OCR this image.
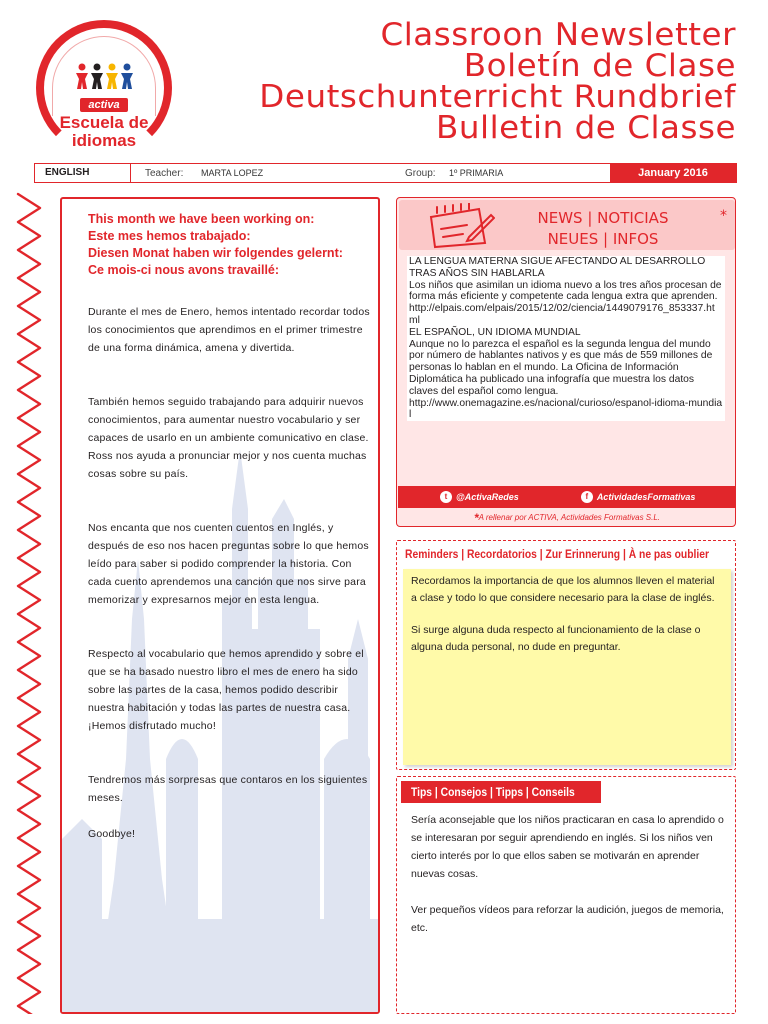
activa
Escuela de idiomas
Classroon Newsletter
Boletín de Clase
Deutschunterricht Rundbrief
Bulletin de Classe
ENGLISH	Teacher:	MARTA LOPEZ	Group:	1º PRIMARIA	January 2016
This month we have been working on:
Este mes hemos trabajado:
Diesen Monat haben wir folgendes gelernt:
Ce mois-ci nous avons travaillé:

Durante el mes de Enero, hemos intentado recordar todos los conocimientos que aprendimos en el primer trimestre de una forma dinámica, amena y divertida.

También hemos seguido trabajando para adquirir nuevos conocimientos, para aumentar nuestro vocabulario y ser capaces de usarlo en un ambiente comunicativo en clase. Ross nos ayuda a pronunciar mejor y nos cuenta muchas cosas sobre su país.

Nos encanta que nos cuenten cuentos en Inglés, y después de eso nos hacen preguntas sobre lo que hemos leído para saber si podido comprender la historia. Con cada cuento aprendemos una canción que nos sirve para memorizar y expresarnos mejor en esta lengua.

Respecto al vocabulario que hemos aprendido y sobre el que se ha basado nuestro libro el mes de enero ha sido sobre las partes de la casa, hemos podido describir nuestra habitación y todas las partes de nuestra casa. ¡Hemos disfrutado mucho!

Tendremos más sorpresas que contaros en los siguientes meses.

Goodbye!

NEWS | NOTICIAS	*
NEUES | INFOS
LA LENGUA MATERNA SIGUE AFECTANDO AL DESARROLLO TRAS AÑOS SIN HABLARLA
Los niños que asimilan un idioma nuevo a los tres años procesan de forma más eficiente y competente cada lengua extra que aprenden.
http://elpais.com/elpais/2015/12/02/ciencia/1449079176_853337.html
EL ESPAÑOL, UN IDIOMA MUNDIAL
Aunque no lo parezca el español es la segunda lengua del mundo por número de hablantes nativos y es que más de 559 millones de personas lo hablan en el mundo. La Oficina de Información Diplomática ha publicado una infografía que muestra los datos claves del español como lengua.
http://www.onemagazine.es/nacional/curioso/espanol-idioma-mundial
t @ActivaRedes	f ActividadesFormativas
*A rellenar por ACTIVA, Actividades Formativas S.L.
Reminders | Recordatorios | Zur Erinnerung | À ne pas oublier

Recordamos la importancia de que los alumnos lleven el material a clase y todo lo que considere necesario para la clase de inglés.

Si surge alguna duda respecto al funcionamiento de la clase o alguna duda personal, no dude en preguntar.

Tips | Consejos | Tipps | Conseils

Sería aconsejable que los niños practicaran en casa lo aprendido o se interesaran por seguir aprendiendo en inglés. Si los niños ven cierto interés por lo que ellos saben se motivarán en aprender nuevas cosas.

Ver pequeños vídeos para reforzar la audición, juegos de memoria, etc.
